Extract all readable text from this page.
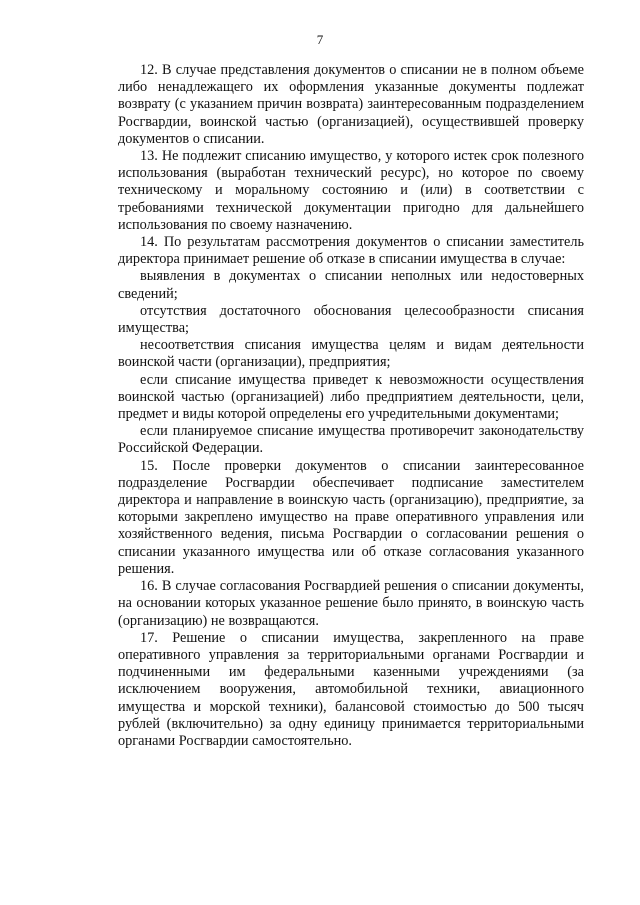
7

12. В случае представления документов о списании не в полном объеме либо ненадлежащего их оформления указанные документы подлежат возврату (с указанием причин возврата) заинтересованным подразделением Росгвардии, воинской частью (организацией), осуществившей проверку документов о списании.

13. Не подлежит списанию имущество, у которого истек срок полезного использования (выработан технический ресурс), но которое по своему техническому и моральному состоянию и (или) в соответствии с требованиями технической документации пригодно для дальнейшего использования по своему назначению.

14. По результатам рассмотрения документов о списании заместитель директора принимает решение об отказе в списании имущества в случае:

выявления в документах о списании неполных или недостоверных сведений;

отсутствия достаточного обоснования целесообразности списания имущества;

несоответствия списания имущества целям и видам деятельности воинской части (организации), предприятия;

если списание имущества приведет к невозможности осуществления воинской частью (организацией) либо предприятием деятельности, цели, предмет и виды которой определены его учредительными документами;

если планируемое списание имущества противоречит законодательству Российской Федерации.

15. После проверки документов о списании заинтересованное подразделение Росгвардии обеспечивает подписание заместителем директора и направление в воинскую часть (организацию), предприятие, за которыми закреплено имущество на праве оперативного управления или хозяйственного ведения, письма Росгвардии о согласовании решения о списании указанного имущества или об отказе согласования указанного решения.

16. В случае согласования Росгвардией решения о списании документы, на основании которых указанное решение было принято, в воинскую часть (организацию) не возвращаются.

17. Решение о списании имущества, закрепленного на праве оперативного управления за территориальными органами Росгвардии и подчиненными им федеральными казенными учреждениями (за исключением вооружения, автомобильной техники, авиационного имущества и морской техники), балансовой стоимостью до 500 тысяч рублей (включительно) за одну единицу принимается территориальными органами Росгвардии самостоятельно.
